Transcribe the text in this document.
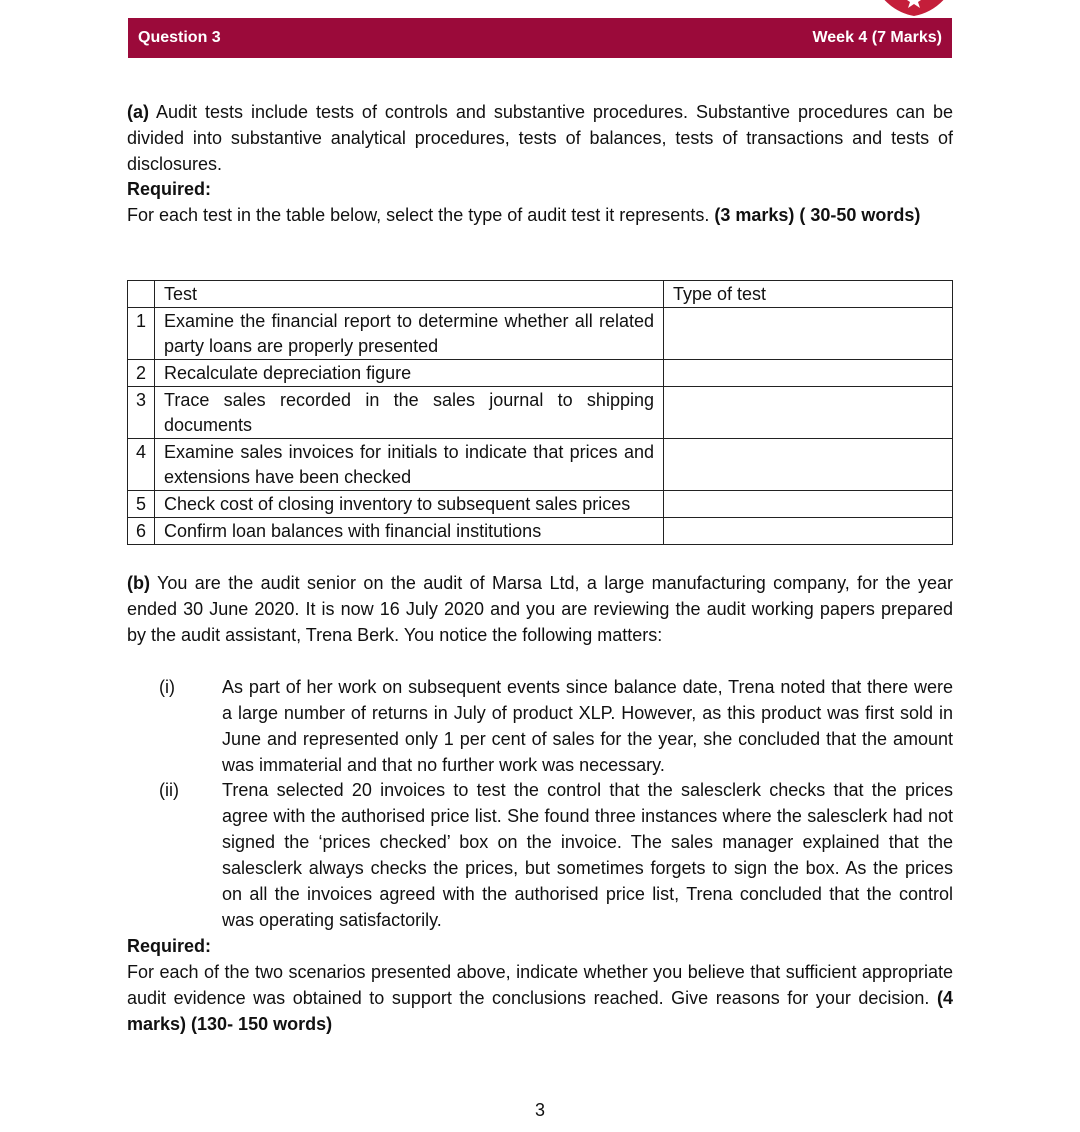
Question 3	Week 4 (7 Marks)
(a) Audit tests include tests of controls and substantive procedures. Substantive procedures can be divided into substantive analytical procedures, tests of balances, tests of transactions and tests of disclosures.
Required:
For each test in the table below, select the type of audit test it represents. (3 marks) ( 30-50 words)
	Test	Type of test
1	Examine the financial report to determine whether all related party loans are properly presented	
2	Recalculate depreciation figure	
3	Trace sales recorded in the sales journal to shipping documents	
4	Examine sales invoices for initials to indicate that prices and extensions have been checked	
5	Check cost of closing inventory to subsequent sales prices	
6	Confirm loan balances with financial institutions	
(b) You are the audit senior on the audit of Marsa Ltd, a large manufacturing company, for the year ended 30 June 2020. It is now 16 July 2020 and you are reviewing the audit working papers prepared by the audit assistant, Trena Berk. You notice the following matters:
(i)	As part of her work on subsequent events since balance date, Trena noted that there were a large number of returns in July of product XLP. However, as this product was first sold in June and represented only 1 per cent of sales for the year, she concluded that the amount was immaterial and that no further work was necessary.
(ii) Trena selected 20 invoices to test the control that the salesclerk checks that the prices agree with the authorised price list. She found three instances where the salesclerk had not signed the ‘prices checked’ box on the invoice. The sales manager explained that the salesclerk always checks the prices, but sometimes forgets to sign the box. As the prices on all the invoices agreed with the authorised price list, Trena concluded that the control was operating satisfactorily.
Required:
For each of the two scenarios presented above, indicate whether you believe that sufficient appropriate audit evidence was obtained to support the conclusions reached. Give reasons for your decision. (4 marks) (130- 150 words)
3
